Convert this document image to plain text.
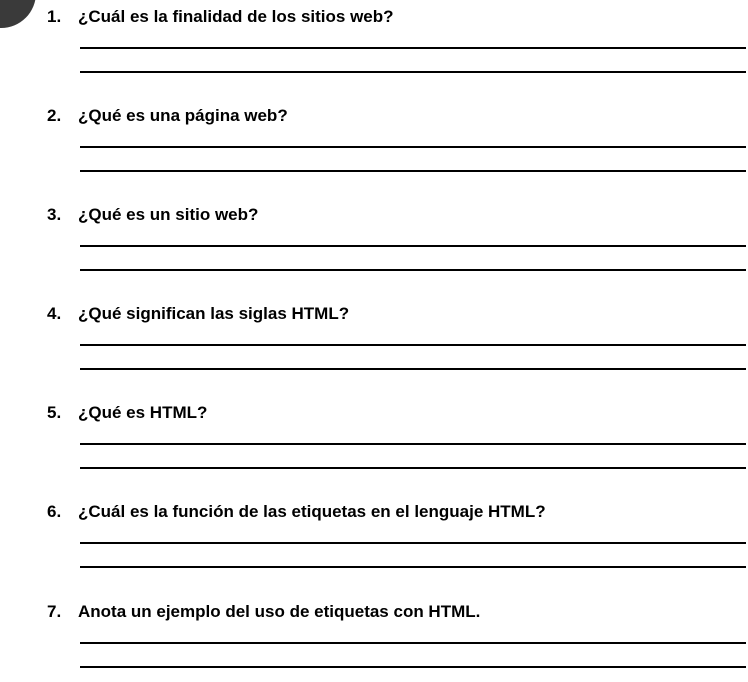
1. ¿Cuál es la finalidad de los sitios web?
2. ¿Qué es una página web?
3. ¿Qué es un sitio web?
4. ¿Qué significan las siglas HTML?
5. ¿Qué es HTML?
6. ¿Cuál es la función de las etiquetas en el lenguaje HTML?
7. Anota un ejemplo del uso de etiquetas con HTML.
